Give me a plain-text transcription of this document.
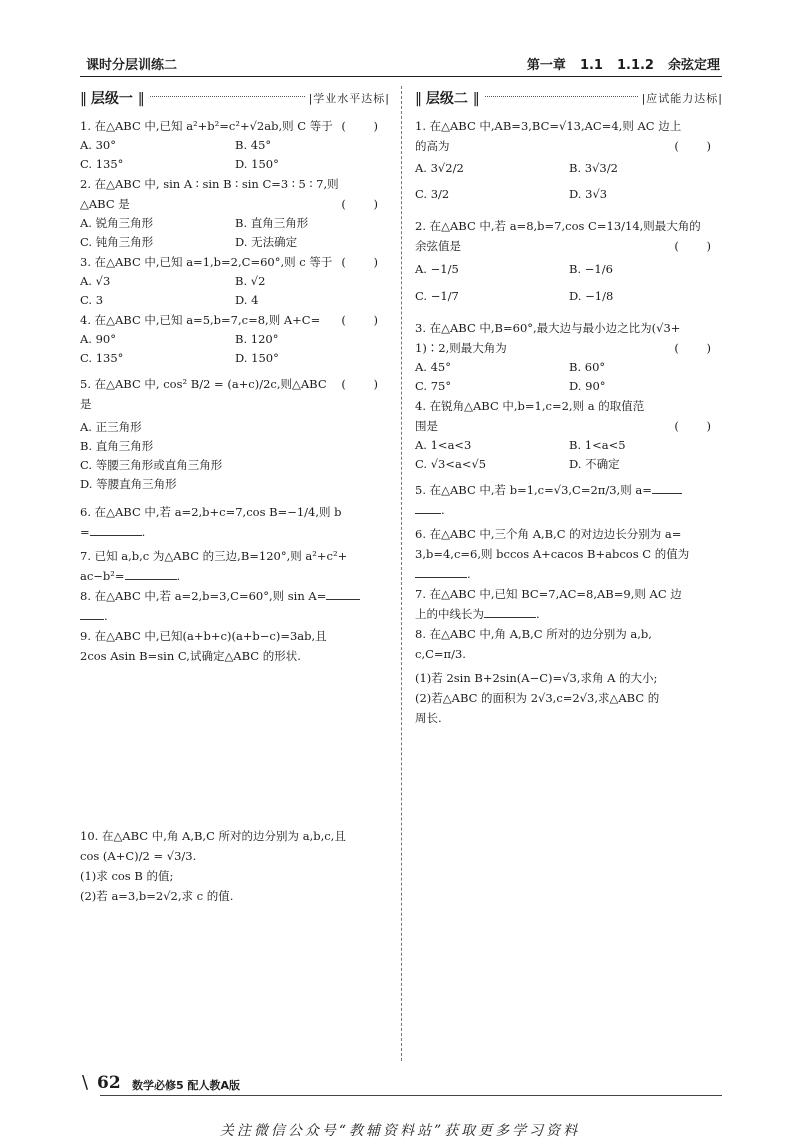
课时分层训练二	第一章 1.1 1.1.2 余弦定理
‖ 层级一 ‖	|学业水平达标|
( )
1. 在△ABC 中,已知 a²+b²=c²+√2ab,则 C 等于
A. 30°	B. 45°
C. 135°	D. 150°
2. 在△ABC 中, sin A ∶ sin B ∶ sin C=3 ∶ 5 ∶ 7,则
( )
△ABC 是
A. 锐角三角形	B. 直角三角形
C. 钝角三角形	D. 无法确定
( )
3. 在△ABC 中,已知 a=1,b=2,C=60°,则 c 等于
A. √3	B. √2
C. 3	D. 4
( )
4. 在△ABC 中,已知 a=5,b=7,c=8,则 A+C=
A. 90°	B. 120°
C. 135°	D. 150°
( )
5. 在△ABC 中, cos² B/2 = (a+c)/2c,则△ABC 是
A. 正三角形
B. 直角三角形
C. 等腰三角形或直角三角形
D. 等腰直角三角形
6. 在△ABC 中,若 a=2,b+c=7,cos B=−1/4,则 b
=	.
7. 已知 a,b,c 为△ABC 的三边,B=120°,则 a²+c²+
ac−b²=	.
8. 在△ABC 中,若 a=2,b=3,C=60°,则 sin A=
.
9. 在△ABC 中,已知(a+b+c)(a+b−c)=3ab,且
2cos Asin B=sin C,试确定△ABC 的形状.
10. 在△ABC 中,角 A,B,C 所对的边分别为 a,b,c,且
cos (A+C)/2 = √3/3.
(1)求 cos B 的值;
(2)若 a=3,b=2√2,求 c 的值.
‖ 层级二 ‖	|应试能力达标|
1. 在△ABC 中,AB=3,BC=√13,AC=4,则 AC 边上
( )
的高为
A. 3√2/2	B. 3√3/2
C. 3/2	D. 3√3
2. 在△ABC 中,若 a=8,b=7,cos C=13/14,则最大角的
( )
余弦值是
A. −1/5	B. −1/6
C. −1/7	D. −1/8
3. 在△ABC 中,B=60°,最大边与最小边之比为(√3+
( )
1)∶2,则最大角为
A. 45°	B. 60°
C. 75°	D. 90°
4. 在锐角△ABC 中,b=1,c=2,则 a 的取值范
( )
围是
A. 1<a<3	B. 1<a<5
C. √3<a<√5	D. 不确定
5. 在△ABC 中,若 b=1,c=√3,C=2π/3,则 a=
.
6. 在△ABC 中,三个角 A,B,C 的对边边长分别为 a=
3,b=4,c=6,则 bccos A+cacos B+abcos C 的值为
.
7. 在△ABC 中,已知 BC=7,AC=8,AB=9,则 AC 边
上的中线长为	.
8. 在△ABC 中,角 A,B,C 所对的边分别为 a,b,
c,C=π/3.
(1)若 2sin B+2sin(A−C)=√3,求角 A 的大小;
(2)若△ABC 的面积为 2√3,c=2√3,求△ABC 的
周长.
\ 62 数学必修5 配人教A版
关注微信公众号“教辅资料站”获取更多学习资料
